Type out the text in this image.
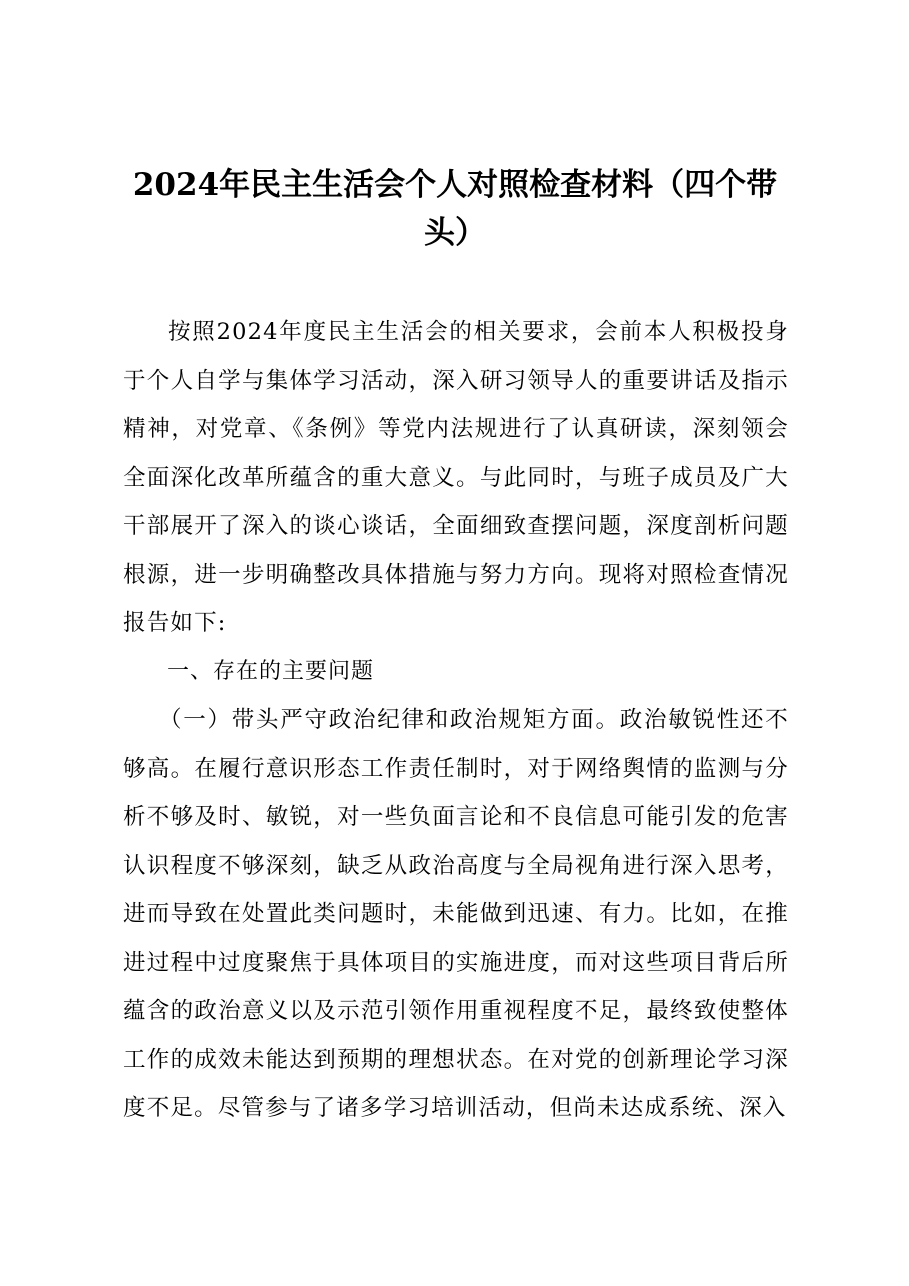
2024年民主生活会个人对照检查材料（四个带头）

按照2024年度民主生活会的相关要求，会前本人积极投身于个人自学与集体学习活动，深入研习领导人的重要讲话及指示精神，对党章、《条例》等党内法规进行了认真研读，深刻领会全面深化改革所蕴含的重大意义。与此同时，与班子成员及广大干部展开了深入的谈心谈话，全面细致查摆问题，深度剖析问题根源，进一步明确整改具体措施与努力方向。现将对照检查情况报告如下:

一、存在的主要问题

（一）带头严守政治纪律和政治规矩方面。政治敏锐性还不够高。在履行意识形态工作责任制时，对于网络舆情的监测与分析不够及时、敏锐，对一些负面言论和不良信息可能引发的危害认识程度不够深刻，缺乏从政治高度与全局视角进行深入思考，进而导致在处置此类问题时，未能做到迅速、有力。比如，在推进过程中过度聚焦于具体项目的实施进度，而对这些项目背后所蕴含的政治意义以及示范引领作用重视程度不足，最终致使整体工作的成效未能达到预期的理想状态。在对党的创新理论学习深度不足。尽管参与了诸多学习培训活动，但尚未达成系统、深入
